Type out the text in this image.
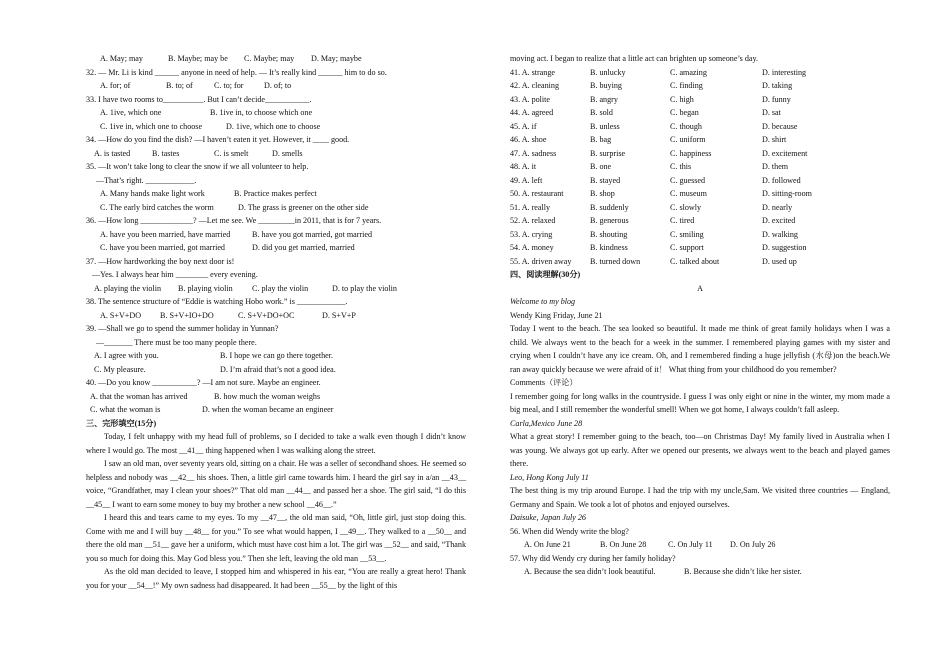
A. May; may	B. Maybe; may be C. Maybe; may D. May; maybe
32. — Mr. Li is kind ______ anyone in need of help. — It’s really kind ______ him to do so.
A. for; of	B. to; of	C. to; for	D. of; to
33. I have two rooms to__________. But I can’t decide___________.
A. 1ive, which one	B. 1ive in, to choose which one
C. 1ive in, which one to choose	D. 1ive, which one to choose
34. —How do you find the dish? —I haven’t eaten it yet. However, it ____ good.
A. is tasted	B. tastes	C. is smelt	D. smells
35. —It won’t take long to clear the snow if we all volunteer to help.
—That’s right. ____________.
A. Many hands make light work	B. Practice makes perfect
C. The early bird catches the worm	D. The grass is greener on the other side
36. —How long _____________? —Let me see. We _________in 2011, that is for 7 years.
A. have you been married, have married	B. have you got married, got married
C. have you been married, got married	D. did you get married, married
37. —How hardworking the boy next door is!
—Yes. I always hear him ________ every evening.
A. playing the violin B. playing violin C. play the violin	D. to play the violin
38. The sentence structure of “Eddie is watching Hobo work.” is ____________.
A. S+V+DO B. S+V+IO+DO	C. S+V+DO+OC	D. S+V+P
39. —Shall we go to spend the summer holiday in Yunnan?
—_______ There must be too many people there.
A. I agree with you.	B. I hope we can go there together.
C. My pleasure.	D. I’m afraid that’s not a good idea.
40. —Do you know ___________? —I am not sure. Maybe an engineer.
A. that the woman has arrived	B. how much the woman weighs
C. what the woman is	D. when the woman became an engineer
三、完形填空(15分)

Today, I felt unhappy with my head full of problems, so I decided to take a walk even though I didn’t know where I would go. The most __41__ thing happened when I was walking along the street.

I saw an old man, over seventy years old, sitting on a chair. He was a seller of secondhand shoes. He seemed so helpless and nobody was __42__ his shoes. Then, a little girl came towards him. I heard the girl say in a/an __43__ voice, “Grandfather, may I clean your shoes?” That old man __44__ and passed her a shoe. The girl said, “I do this __45__ I want to earn some money to buy my brother a new school __46__.”

I heard this and tears came to my eyes. To my __47__, the old man said, “Oh, little girl, just stop doing this. Come with me and I will buy __48__ for you.” To see what would happen, I __49__. They walked to a __50__ and there the old man __51__ gave her a uniform, which must have cost him a lot. The girl was __52__ and said, “Thank you so much for doing this. May God bless you.” Then she left, leaving the old man __53__.

As the old man decided to leave, I stopped him and whispered in his ear, “You are really a great hero! Thank you for your __54__!” My own sadness had disappeared. It had been __55__ by the light of this

moving act. I began to realize that a little act can brighten up someone’s day.
41. A. strange	B. unlucky	C. amazing	D. interesting
42. A. cleaning	B. buying	C. finding	D. taking
43. A. polite	B. angry	C. high	D. funny
44. A. agreed	B. sold	C. began	D. sat
45. A. if	B. unless	C. though	D. because
46. A. shoe	B. bag	C. uniform	D. shirt
47. A. sadness	B. surprise	C. happiness	D. excitement
48. A. it	B. one	C. this	D. them
49. A. left	B. stayed	C. guessed	D. followed
50. A. restaurant	B. shop	C. museum	D. sitting-room
51. A. really	B. suddenly	C. slowly	D. nearly
52. A. relaxed	B. generous	C. tired	D. excited
53. A. crying	B. shouting	C. smiling	D. walking
54. A. money	B. kindness	C. support	D. suggestion
55. A. driven away B. turned down	C. talked about	D. used up
四、阅读理解(30分)
A
Welcome to my blog
Wendy King Friday, June 21

Today I went to the beach. The sea looked so beautiful. It made me think of great family holidays when I was a child. We always went to the beach for a week in the summer. I remembered playing games with my sister and crying when I couldn’t have any ice cream. Oh, and I remembered finding a huge jellyfish (水母)on the beach.We ran away quickly because we were afraid of it！ What thing from your childhood do you remember?

Comments（评论）

I remember going for long walks in the countryside. I guess I was only eight or nine in the winter, my mom made a big meal, and I still remember the wonderful smell! When we got home, I always couldn’t fall asleep.

Carla,Mexico June 28

What a great story! I remember going to the beach, too—on Christmas Day! My family lived in Australia when I was young. We always got up early. After we opened our presents, we always went to the beach and played games there.

Leo, Hong Kong July 11

The best thing is my trip around Europe. I had the trip with my uncle,Sam. We visited three countries — England, Germany and Spain. We took a lot of photos and enjoyed ourselves.

Daisuke, Japan July 26
56. When did Wendy write the blog?
A. On June 21	B. On June 28	C. On July 11 D. On July 26
57. Why did Wendy cry during her family holiday?
A. Because the sea didn’t look beautiful.	B. Because she didn’t like her sister.
